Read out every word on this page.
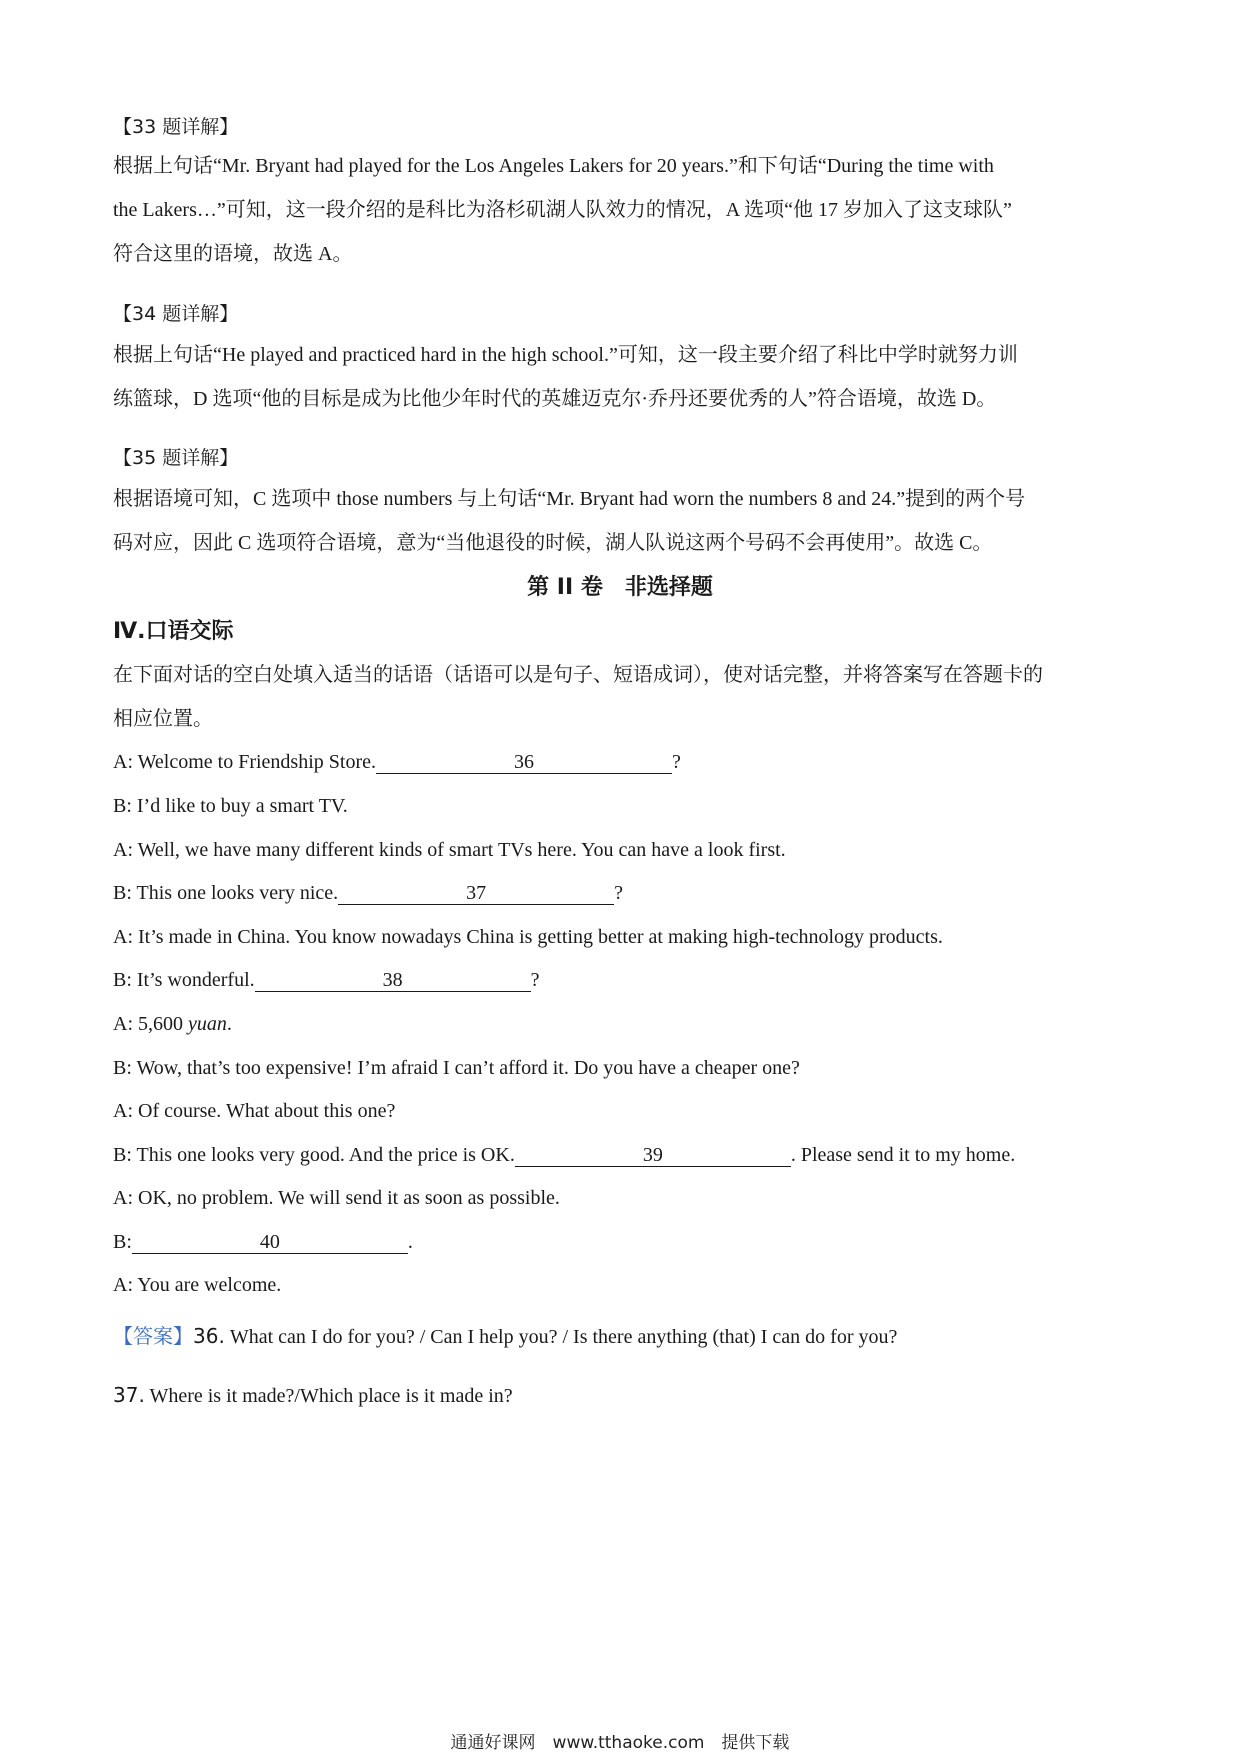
【33 题详解】
根据上句话“Mr. Bryant had played for the Los Angeles Lakers for 20 years.”和下句话“During the time with
the Lakers…”可知，这一段介绍的是科比为洛杉矶湖人队效力的情况，A 选项“他 17 岁加入了这支球队”
符合这里的语境，故选 A。
【34 题详解】
根据上句话“He played and practiced hard in the high school.”可知，这一段主要介绍了科比中学时就努力训
练篮球，D 选项“他的目标是成为比他少年时代的英雄迈克尔·乔丹还要优秀的人”符合语境，故选 D。
【35 题详解】
根据语境可知，C 选项中 those numbers 与上句话“Mr. Bryant had worn the numbers 8 and 24.”提到的两个号
码对应，因此 C 选项符合语境，意为“当他退役的时候，湖人队说这两个号码不会再使用”。故选 C。
第 II 卷　非选择题
Ⅳ.口语交际
在下面对话的空白处填入适当的话语（话语可以是句子、短语成词），使对话完整，并将答案写在答题卡的
相应位置。
A: Welcome to Friendship Store.	36	?
B: I’d like to buy a smart TV.
A: Well, we have many different kinds of smart TVs here. You can have a look first.
B: This one looks very nice.	37	?
A: It’s made in China. You know nowadays China is getting better at making high-technology products.
B: It’s wonderful.	38	?
A: 5,600 yuan.
B: Wow, that’s too expensive! I’m afraid I can’t afford it. Do you have a cheaper one?
A: Of course. What about this one?
B: This one looks very good. And the price is OK.	39	. Please send it to my home.
A: OK, no problem. We will send it as soon as possible.
B:	40	.
A: You are welcome.
【答案】36. What can I do for you? / Can I help you? / Is there anything (that) I can do for you?
37. Where is it made?/Which place is it made in?
通通好课网　www.tthaoke.com　提供下载
